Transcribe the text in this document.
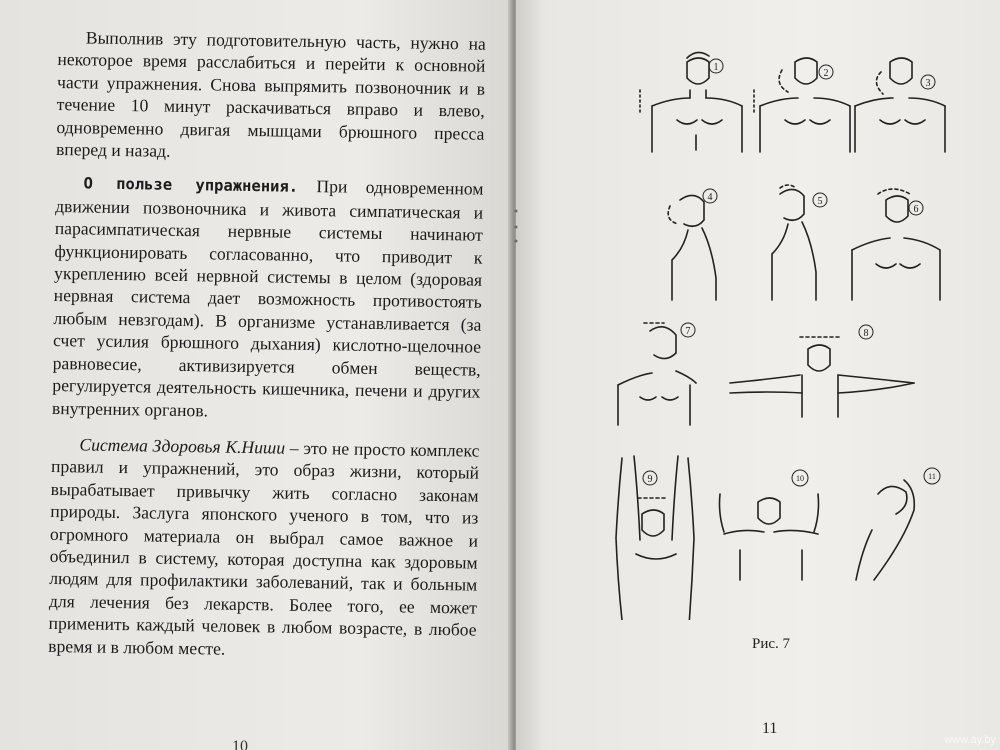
Выполнив эту подготовительную часть, нужно на некоторое время расслабиться и перейти к основной части упражнения. Снова выпрямить позвоночник и в течение 10 минут раскачиваться вправо и влево, одновременно двигая мышцами брюшного пресса вперед и назад.

О пользе упражнения. При одновременном движении позвоночника и живота симпатическая и парасимпатическая нервные системы начинают функционировать согласованно, что приводит к укреплению всей нервной системы в целом (здоровая нервная система дает возможность противостоять любым невзгодам). В организме устанавливается (за счет усилия брюшного дыхания) кислотно-щелочное равновесие, активизируется обмен веществ, регулируется деятельность кишечника, печени и других внутренних органов.

Система Здоровья К.Ниши – это не просто комплекс правил и упражнений, это образ жизни, который вырабатывает привычку жить согласно законам природы. Заслуга японского ученого в том, что из огромного материала он выбрал самое важное и объединил в систему, которая доступна как здоровым людям для профилактики заболеваний, так и больным для лечения без лекарств. Более того, ее может применить каждый человек в любом возрасте, в любое время и в любом месте.

10
1
2
3
4	5
6
7	8
9	10	11
Рис. 7
11
www.ay.by
